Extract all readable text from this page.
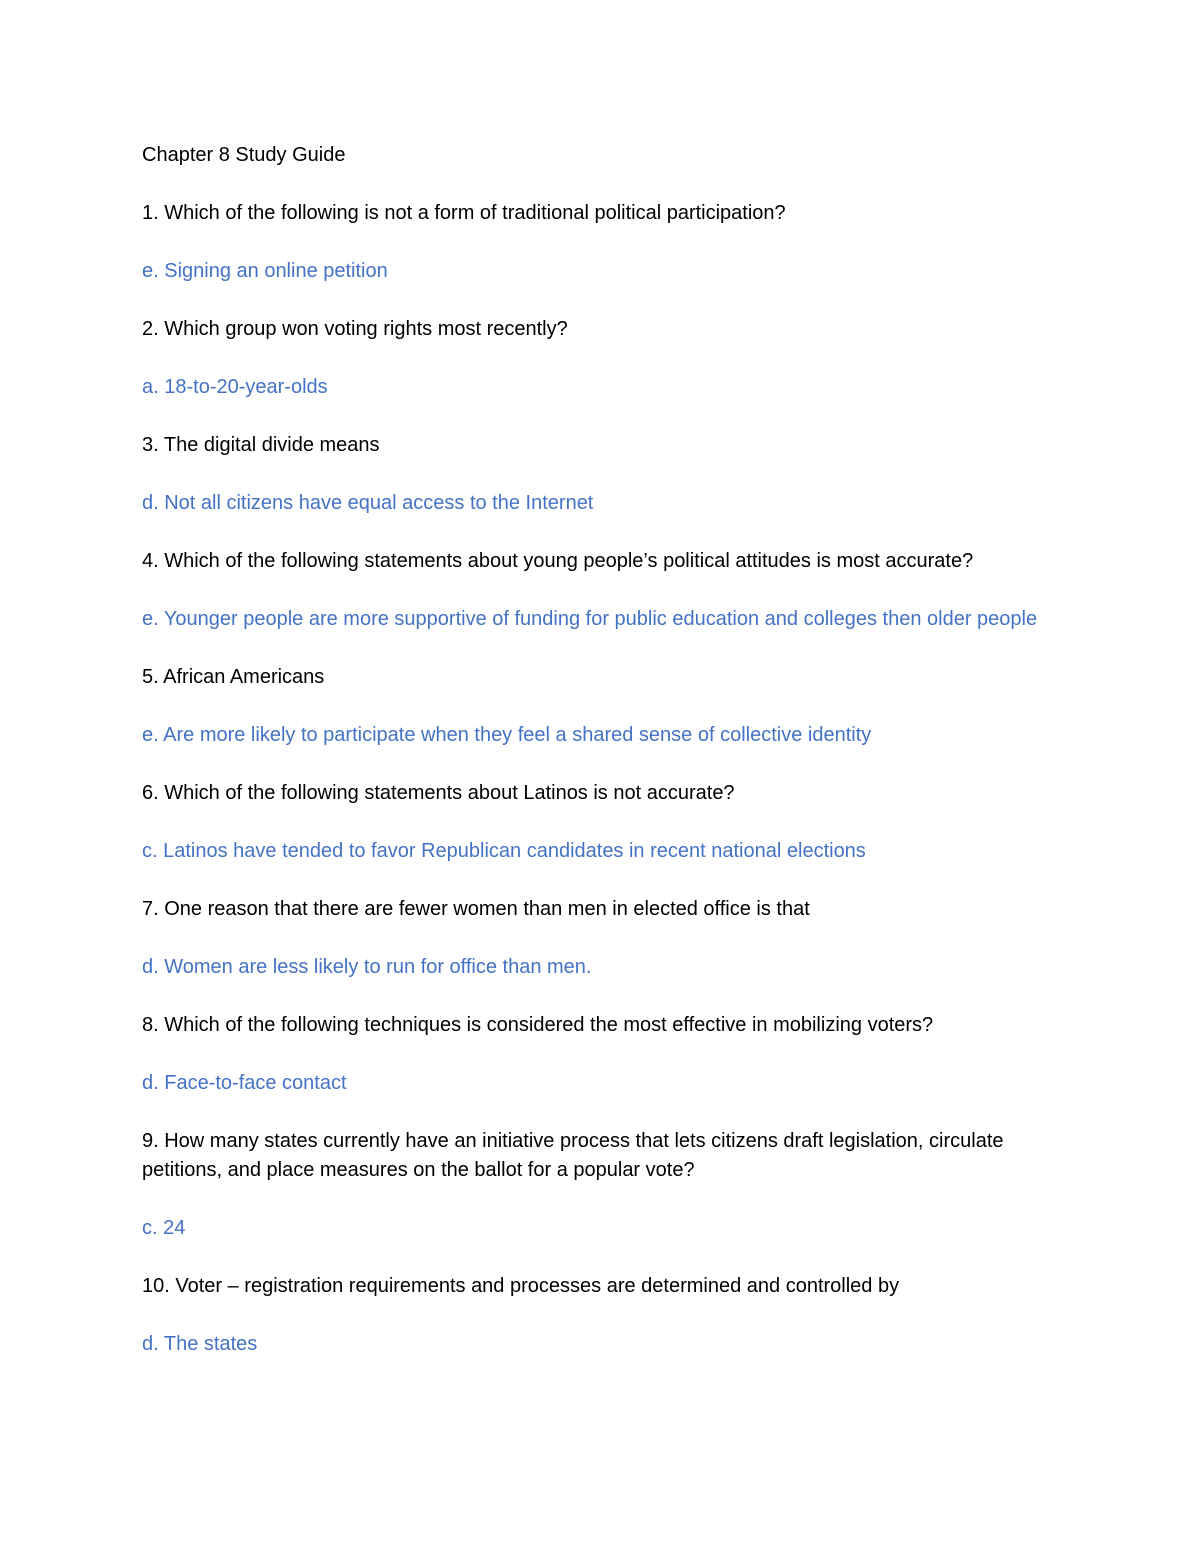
Chapter 8 Study Guide

1. Which of the following is not a form of traditional political participation?

e. Signing an online petition

2. Which group won voting rights most recently?

a. 18-to-20-year-olds

3. The digital divide means

d. Not all citizens have equal access to the Internet

4. Which of the following statements about young people’s political attitudes is most accurate?

e. Younger people are more supportive of funding for public education and colleges then older people

5. African Americans

e. Are more likely to participate when they feel a shared sense of collective identity

6. Which of the following statements about Latinos is not accurate?

c. Latinos have tended to favor Republican candidates in recent national elections

7. One reason that there are fewer women than men in elected office is that

d. Women are less likely to run for office than men.

8. Which of the following techniques is considered the most effective in mobilizing voters?

d. Face-to-face contact

9. How many states currently have an initiative process that lets citizens draft legislation, circulate petitions, and place measures on the ballot for a popular vote?

c. 24

10. Voter – registration requirements and processes are determined and controlled by

d. The states
